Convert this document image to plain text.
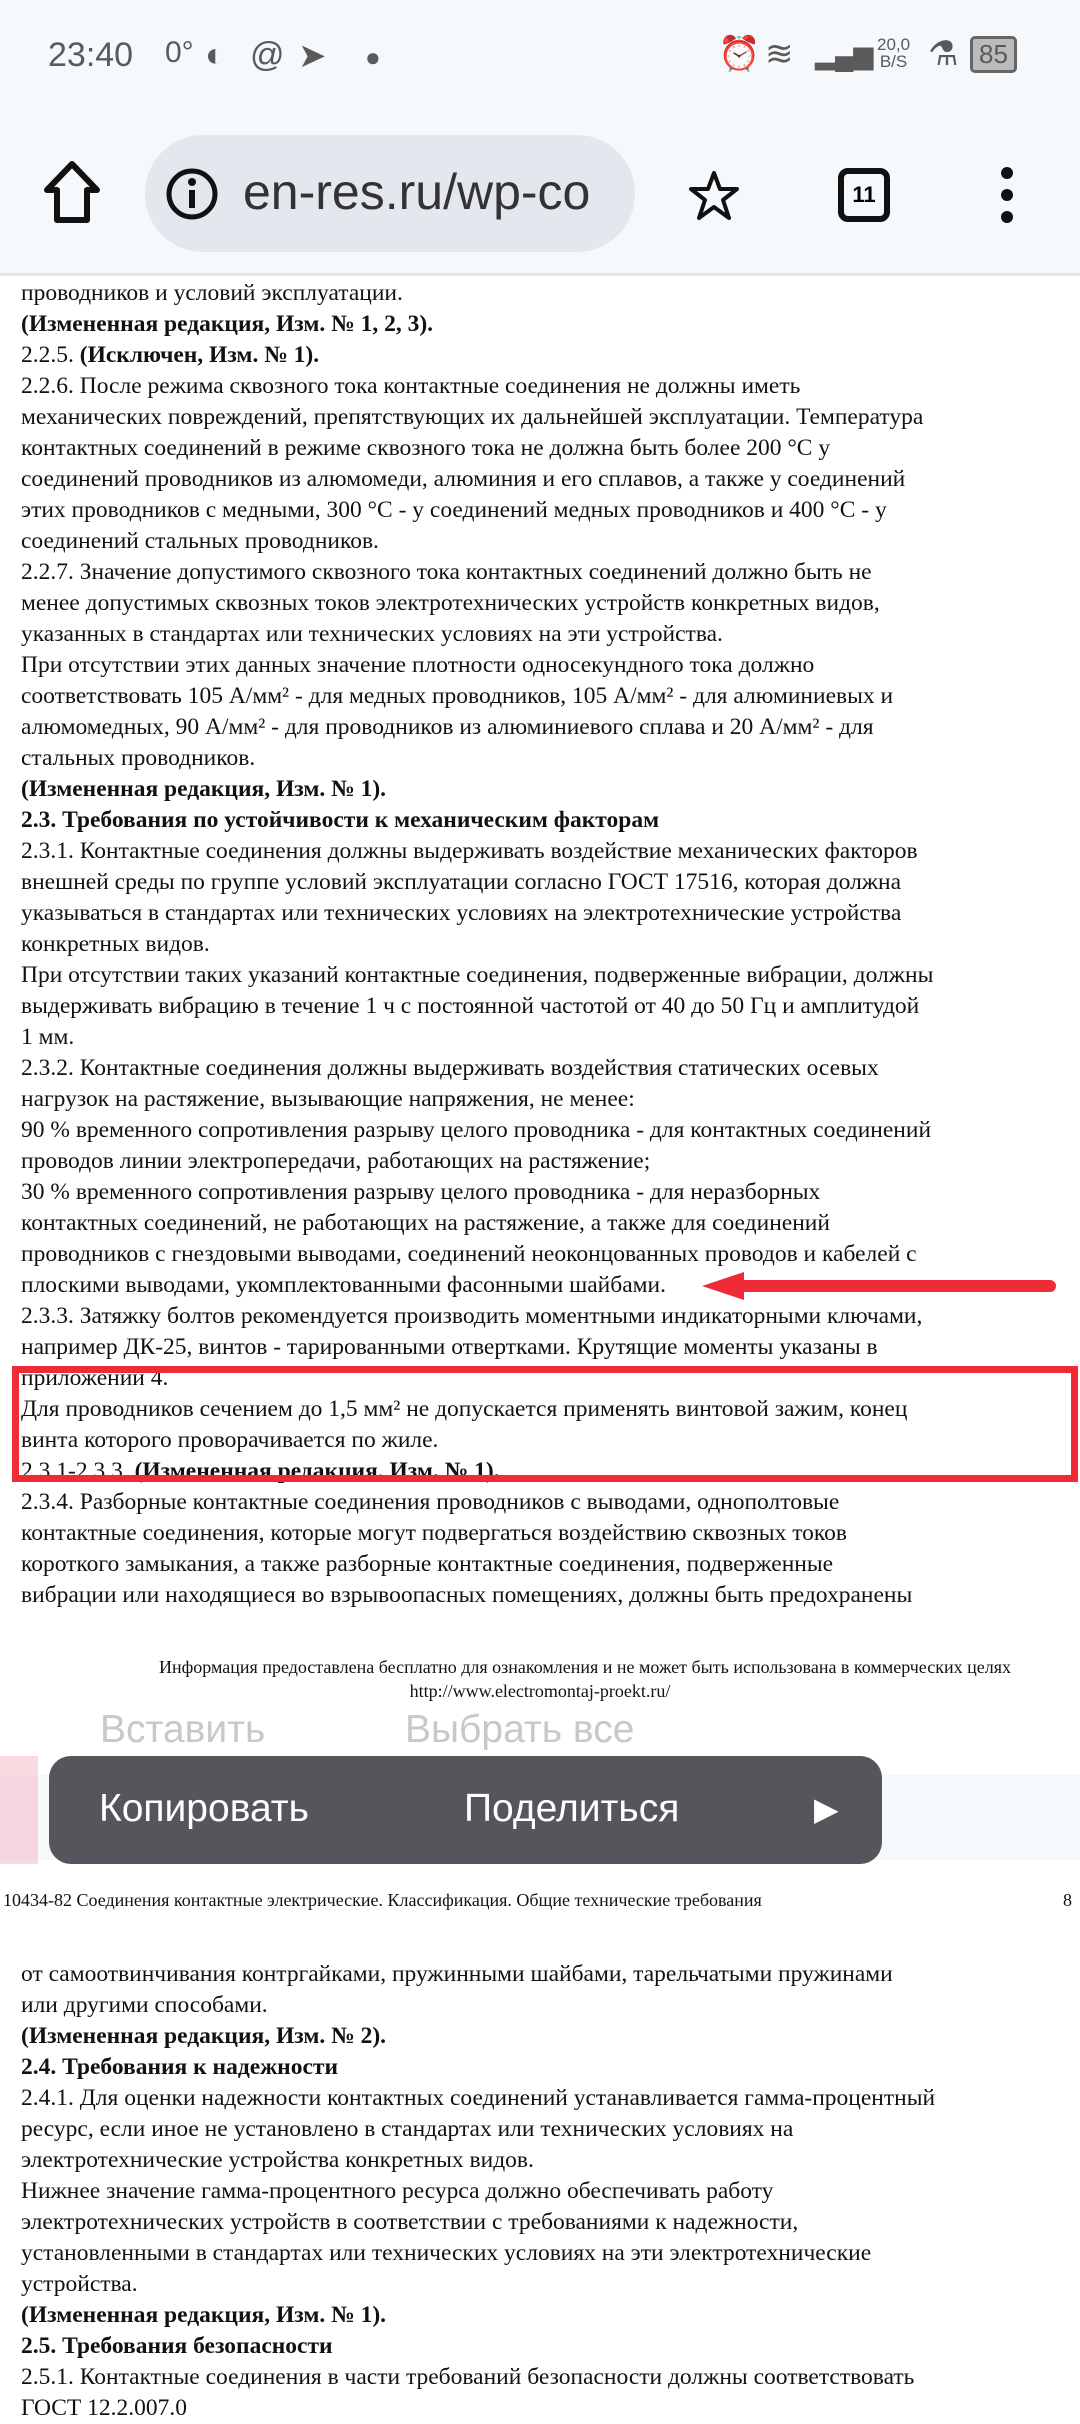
23:40 0° ◐ @ ➤ ●	⏰ ≋ ▂▄▆ 20,0
B/S ⚗ 85
en-res.ru/wp-co	11
проводников и условий эксплуатации.
(Измененная редакция, Изм. № 1, 2, 3).
2.2.5. (Исключен, Изм. № 1).
2.2.6. После режима сквозного тока контактные соединения не должны иметь
механических повреждений, препятствующих их дальнейшей эксплуатации. Температура
контактных соединений в режиме сквозного тока не должна быть более 200 °С у
соединений проводников из алюмомеди, алюминия и его сплавов, а также у соединений
этих проводников с медными, 300 °С - у соединений медных проводников и 400 °С - у
соединений стальных проводников.
2.2.7. Значение допустимого сквозного тока контактных соединений должно быть не
менее допустимых сквозных токов электротехнических устройств конкретных видов,
указанных в стандартах или технических условиях на эти устройства.
При отсутствии этих данных значение плотности односекундного тока должно
соответствовать 105 А/мм² - для медных проводников, 105 А/мм² - для алюминиевых и
алюмомедных, 90 А/мм² - для проводников из алюминиевого сплава и 20 А/мм² - для
стальных проводников.
(Измененная редакция, Изм. № 1).
2.3. Требования по устойчивости к механическим факторам
2.3.1. Контактные соединения должны выдерживать воздействие механических факторов
внешней среды по группе условий эксплуатации согласно ГОСТ 17516, которая должна
указываться в стандартах или технических условиях на электротехнические устройства
конкретных видов.
При отсутствии таких указаний контактные соединения, подверженные вибрации, должны
выдерживать вибрацию в течение 1 ч с постоянной частотой от 40 до 50 Гц и амплитудой
1 мм.
2.3.2. Контактные соединения должны выдерживать воздействия статических осевых
нагрузок на растяжение, вызывающие напряжения, не менее:
90 % временного сопротивления разрыву целого проводника - для контактных соединений
проводов линии электропередачи, работающих на растяжение;
30 % временного сопротивления разрыву целого проводника - для неразборных
контактных соединений, не работающих на растяжение, а также для соединений
проводников с гнездовыми выводами, соединений неоконцованных проводов и кабелей с
плоскими выводами, укомплектованными фасонными шайбами.
2.3.3. Затяжку болтов рекомендуется производить моментными индикаторными ключами,
например ДК-25, винтов - тарированными отвертками. Крутящие моменты указаны в
приложении 4.
Для проводников сечением до 1,5 мм² не допускается применять винтовой зажим, конец
винта которого проворачивается по жиле.
2.3.1-2.3.3. (Измененная редакция, Изм. № 1).
2.3.4. Разборные контактные соединения проводников с выводами, однополтовые
контактные соединения, которые могут подвергаться воздействию сквозных токов
короткого замыкания, а также разборные контактные соединения, подверженные
вибрации или находящиеся во взрывоопасных помещениях, должны быть предохранены
от самоотвинчивания контргайками, пружинными шайбами, тарельчатыми пружинами
или другими способами.
(Измененная редакция, Изм. № 2).
2.4. Требования к надежности
2.4.1. Для оценки надежности контактных соединений устанавливается гамма-процентный
ресурс, если иное не установлено в стандартах или технических условиях на
электротехнические устройства конкретных видов.
Нижнее значение гамма-процентного ресурса должно обеспечивать работу
электротехнических устройств в соответствии с требованиями к надежности,
установленными в стандартах или технических условиях на эти электротехнические
устройства.
(Измененная редакция, Изм. № 1).
2.5. Требования безопасности
2.5.1. Контактные соединения в части требований безопасности должны соответствовать
ГОСТ 12.2.007.0
Информация предоставлена бесплатно для ознакомления и не может быть использована в коммерческих целях
http://www.electromontaj-proekt.ru/
10434-82 Соединения контактные электрические. Классификация. Общие технические требования	8
Вставить	Выбрать все
Копировать	Поделиться	▶
